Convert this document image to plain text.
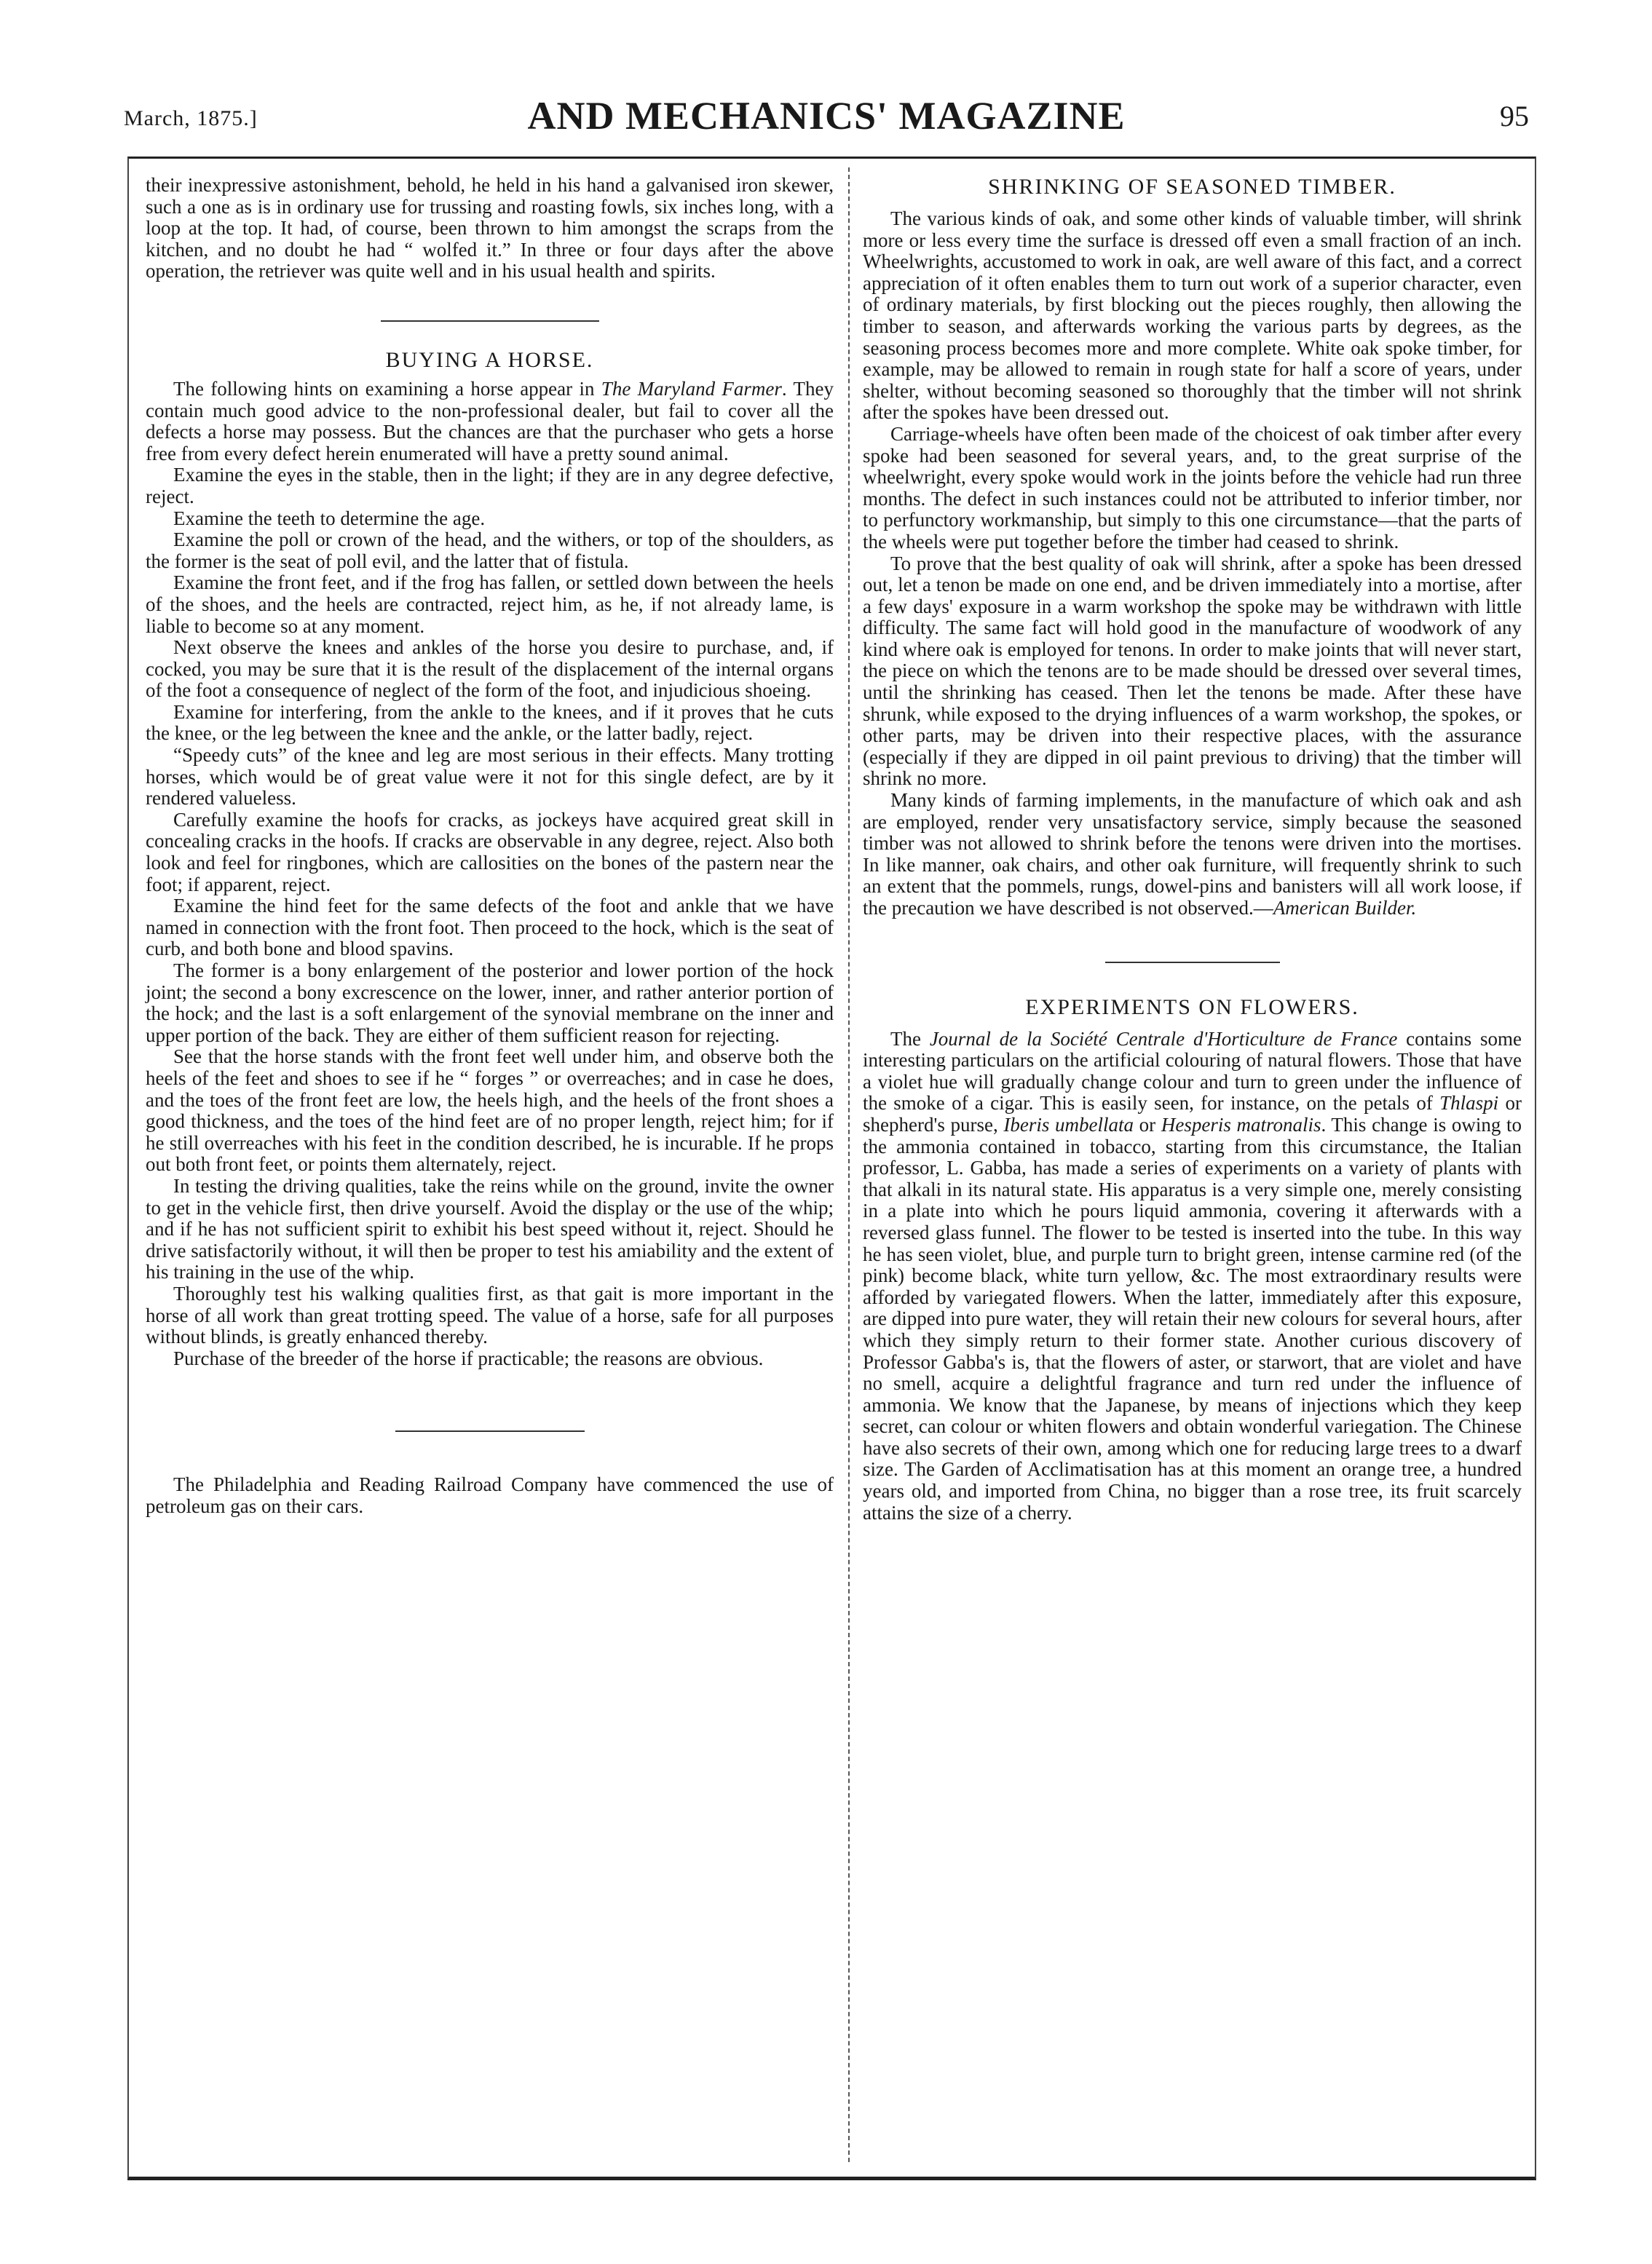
March, 1875.]	AND MECHANICS' MAGAZINE	95

their inexpressive astonishment, behold, he held in his hand a galvanised iron skewer, such a one as is in ordinary use for trussing and roasting fowls, six inches long, with a loop at the top. It had, of course, been thrown to him amongst the scraps from the kitchen, and no doubt he had “ wolfed it.” In three or four days after the above operation, the retriever was quite well and in his usual health and spirits.

BUYING A HORSE.

The following hints on examining a horse appear in The Maryland Farmer. They contain much good advice to the non-professional dealer, but fail to cover all the defects a horse may possess. But the chances are that the purchaser who gets a horse free from every defect herein enumerated will have a pretty sound animal.

Examine the eyes in the stable, then in the light; if they are in any degree defective, reject.

Examine the teeth to determine the age.

Examine the poll or crown of the head, and the withers, or top of the shoulders, as the former is the seat of poll evil, and the latter that of fistula.

Examine the front feet, and if the frog has fallen, or settled down between the heels of the shoes, and the heels are contracted, reject him, as he, if not already lame, is liable to become so at any moment.

Next observe the knees and ankles of the horse you desire to purchase, and, if cocked, you may be sure that it is the result of the displacement of the internal organs of the foot a consequence of neglect of the form of the foot, and injudicious shoeing.

Examine for interfering, from the ankle to the knees, and if it proves that he cuts the knee, or the leg between the knee and the ankle, or the latter badly, reject.

“Speedy cuts” of the knee and leg are most serious in their effects. Many trotting horses, which would be of great value were it not for this single defect, are by it rendered valueless.

Carefully examine the hoofs for cracks, as jockeys have acquired great skill in concealing cracks in the hoofs. If cracks are observable in any degree, reject. Also both look and feel for ringbones, which are callosities on the bones of the pastern near the foot; if apparent, reject.

Examine the hind feet for the same defects of the foot and ankle that we have named in connection with the front foot. Then proceed to the hock, which is the seat of curb, and both bone and blood spavins.

The former is a bony enlargement of the posterior and lower portion of the hock joint; the second a bony excrescence on the lower, inner, and rather anterior portion of the hock; and the last is a soft enlargement of the synovial membrane on the inner and upper portion of the back. They are either of them sufficient reason for rejecting.

See that the horse stands with the front feet well under him, and observe both the heels of the feet and shoes to see if he “ forges ” or overreaches; and in case he does, and the toes of the front feet are low, the heels high, and the heels of the front shoes a good thickness, and the toes of the hind feet are of no proper length, reject him; for if he still overreaches with his feet in the condition described, he is incurable. If he props out both front feet, or points them alternately, reject.

In testing the driving qualities, take the reins while on the ground, invite the owner to get in the vehicle first, then drive yourself. Avoid the display or the use of the whip; and if he has not sufficient spirit to exhibit his best speed without it, reject. Should he drive satisfactorily without, it will then be proper to test his amiability and the extent of his training in the use of the whip.

Thoroughly test his walking qualities first, as that gait is more important in the horse of all work than great trotting speed. The value of a horse, safe for all purposes without blinds, is greatly enhanced thereby.

Purchase of the breeder of the horse if practicable; the reasons are obvious.

The Philadelphia and Reading Railroad Company have commenced the use of petroleum gas on their cars.

SHRINKING OF SEASONED TIMBER.

The various kinds of oak, and some other kinds of valuable timber, will shrink more or less every time the surface is dressed off even a small fraction of an inch. Wheelwrights, accustomed to work in oak, are well aware of this fact, and a correct appreciation of it often enables them to turn out work of a superior character, even of ordinary materials, by first blocking out the pieces roughly, then allowing the timber to season, and afterwards working the various parts by degrees, as the seasoning process becomes more and more complete. White oak spoke timber, for example, may be allowed to remain in rough state for half a score of years, under shelter, without becoming seasoned so thoroughly that the timber will not shrink after the spokes have been dressed out.

Carriage-wheels have often been made of the choicest of oak timber after every spoke had been seasoned for several years, and, to the great surprise of the wheelwright, every spoke would work in the joints before the vehicle had run three months. The defect in such instances could not be attributed to inferior timber, nor to perfunctory workmanship, but simply to this one circumstance—that the parts of the wheels were put together before the timber had ceased to shrink.

To prove that the best quality of oak will shrink, after a spoke has been dressed out, let a tenon be made on one end, and be driven immediately into a mortise, after a few days' exposure in a warm workshop the spoke may be withdrawn with little difficulty. The same fact will hold good in the manufacture of woodwork of any kind where oak is employed for tenons. In order to make joints that will never start, the piece on which the tenons are to be made should be dressed over several times, until the shrinking has ceased. Then let the tenons be made. After these have shrunk, while exposed to the drying influences of a warm workshop, the spokes, or other parts, may be driven into their respective places, with the assurance (especially if they are dipped in oil paint previous to driving) that the timber will shrink no more.

Many kinds of farming implements, in the manufacture of which oak and ash are employed, render very unsatisfactory service, simply because the seasoned timber was not allowed to shrink before the tenons were driven into the mortises. In like manner, oak chairs, and other oak furniture, will frequently shrink to such an extent that the pommels, rungs, dowel-pins and banisters will all work loose, if the precaution we have described is not observed.—American Builder.

EXPERIMENTS ON FLOWERS.

The Journal de la Société Centrale d'Horticulture de France contains some interesting particulars on the artificial colouring of natural flowers. Those that have a violet hue will gradually change colour and turn to green under the influence of the smoke of a cigar. This is easily seen, for instance, on the petals of Thlaspi or shepherd's purse, Iberis umbellata or Hesperis matronalis. This change is owing to the ammonia contained in tobacco, starting from this circumstance, the Italian professor, L. Gabba, has made a series of experiments on a variety of plants with that alkali in its natural state. His apparatus is a very simple one, merely consisting in a plate into which he pours liquid ammonia, covering it afterwards with a reversed glass funnel. The flower to be tested is inserted into the tube. In this way he has seen violet, blue, and purple turn to bright green, intense carmine red (of the pink) become black, white turn yellow, &c. The most extraordinary results were afforded by variegated flowers. When the latter, immediately after this exposure, are dipped into pure water, they will retain their new colours for several hours, after which they simply return to their former state. Another curious discovery of Professor Gabba's is, that the flowers of aster, or starwort, that are violet and have no smell, acquire a delightful fragrance and turn red under the influence of ammonia. We know that the Japanese, by means of injections which they keep secret, can colour or whiten flowers and obtain wonderful variegation. The Chinese have also secrets of their own, among which one for reducing large trees to a dwarf size. The Garden of Acclimatisation has at this moment an orange tree, a hundred years old, and imported from China, no bigger than a rose tree, its fruit scarcely attains the size of a cherry.
